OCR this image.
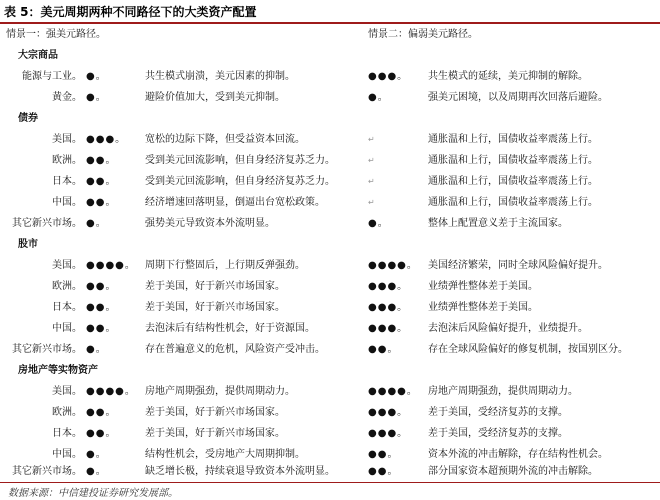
表 5：美元周期两种不同路径下的大类资产配置
情景一：强美元路径。	情景二：偏弱美元路径。
大宗商品
能源与工业。 ●。	共生模式崩溃，美元因素的抑制。	●●●。	共生模式的延续，美元抑制的解除。
黄金。 ●。	避险价值加大，受到美元抑制。	●。	强美元困境，以及周期再次回落后避险。
债券
美国。 ●●●。	宽松的边际下降，但受益资本回流。	↵	通胀温和上行，国债收益率震荡上行。
欧洲。 ●●。	受到美元回流影响，但自身经济复苏乏力。	↵	通胀温和上行，国债收益率震荡上行。
日本。 ●●。	受到美元回流影响，但自身经济复苏乏力。	↵	通胀温和上行，国债收益率震荡上行。
中国。 ●●。	经济增速回落明显，倒逼出台宽松政策。	↵	通胀温和上行，国债收益率震荡上行。
其它新兴市场。 ●。	强势美元导致资本外流明显。	●。	整体上配置意义差于主流国家。
股市
美国。 ●●●●。 周期下行整固后，上行期反弹强劲。	●●●●。	美国经济繁荣，同时全球风险偏好提升。
欧洲。 ●●。	差于美国，好于新兴市场国家。	●●●。	业绩弹性整体差于美国。
日本。 ●●。	差于美国，好于新兴市场国家。	●●●。	业绩弹性整体差于美国。
中国。 ●●。	去泡沫后有结构性机会，好于资源国。	●●●。	去泡沫后风险偏好提升，业绩提升。
其它新兴市场。 ●。	存在普遍意义的危机，风险资产受冲击。	●●。	存在全球风险偏好的修复机制，按国别区分。
房地产等实物资产
美国。 ●●●●。 房地产周期强劲，提供周期动力。	●●●●。	房地产周期强劲，提供周期动力。
欧洲。 ●●。	差于美国，好于新兴市场国家。	●●●。	差于美国，受经济复苏的支撑。
日本。 ●●。	差于美国，好于新兴市场国家。	●●●。	差于美国，受经济复苏的支撑。
中国。 ●。	结构性机会，受房地产大周期抑制。	●●。	资本外流的冲击解除，存在结构性机会。
其它新兴市场。 ●。	缺乏增长极，持续衰退导致资本外流明显。	●●。	部分国家资本超预期外流的冲击解除。
数据来源：中信建投证券研究发展部。
